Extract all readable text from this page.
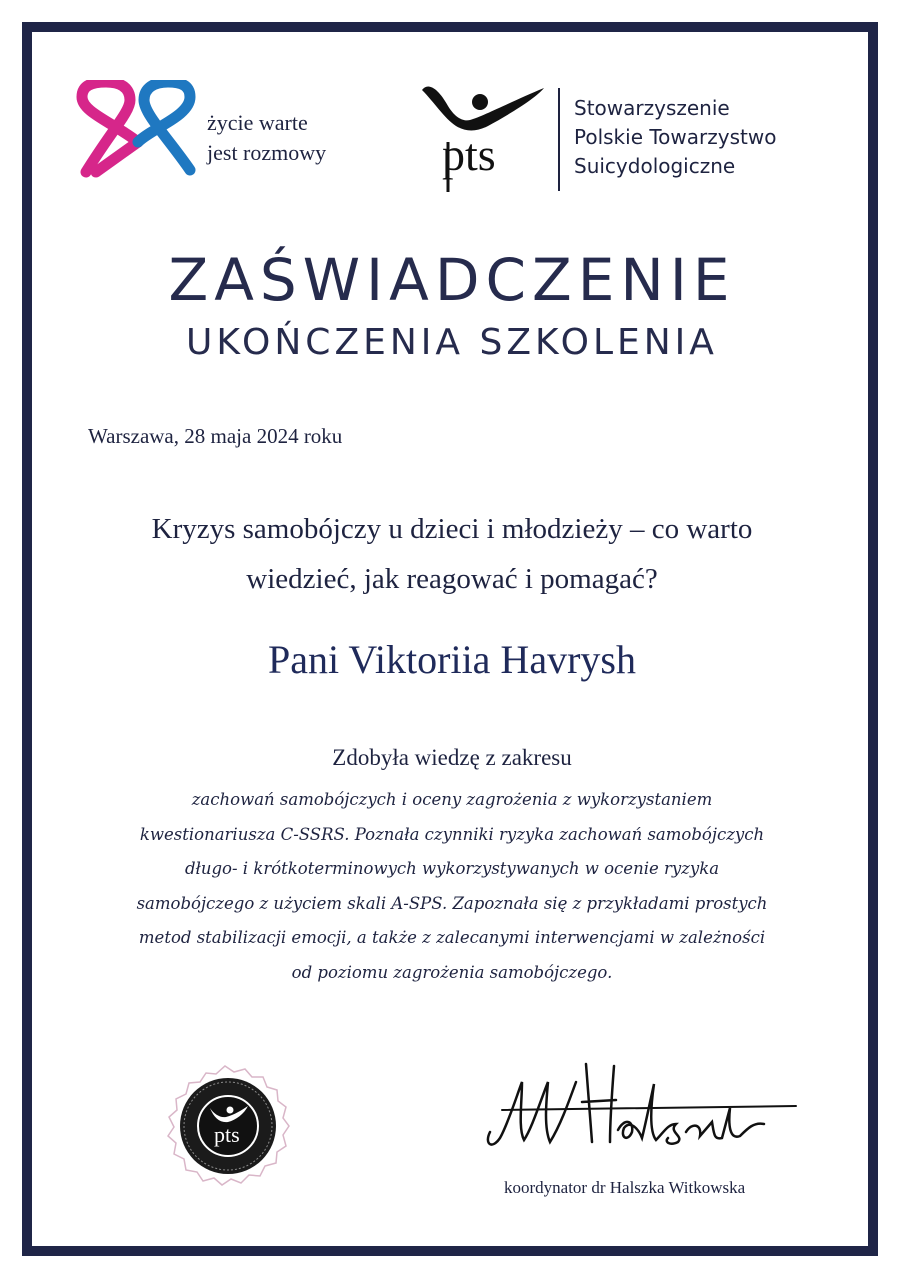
życie warte
jest rozmowy	pts
Stowarzyszenie
Polskie Towarzystwo
Suicydologiczne
ZAŚWIADCZENIE
UKOŃCZENIA SZKOLENIA
Warszawa, 28 maja 2024 roku
Kryzys samobójczy u dzieci i młodzieży – co warto
wiedzieć, jak reagować i pomagać?
Pani Viktoriia Havrysh
Zdobyła wiedzę z zakresu
zachowań samobójczych i oceny zagrożenia z wykorzystaniem
kwestionariusza C-SSRS. Poznała czynniki ryzyka zachowań samobójczych
długo- i krótkoterminowych wykorzystywanych w ocenie ryzyka
samobójczego z użyciem skali A-SPS. Zapoznała się z przykładami prostych
metod stabilizacji emocji, a także z zalecanymi interwencjami w zależności
od poziomu zagrożenia samobójczego.
pts
koordynator dr Halszka Witkowska
